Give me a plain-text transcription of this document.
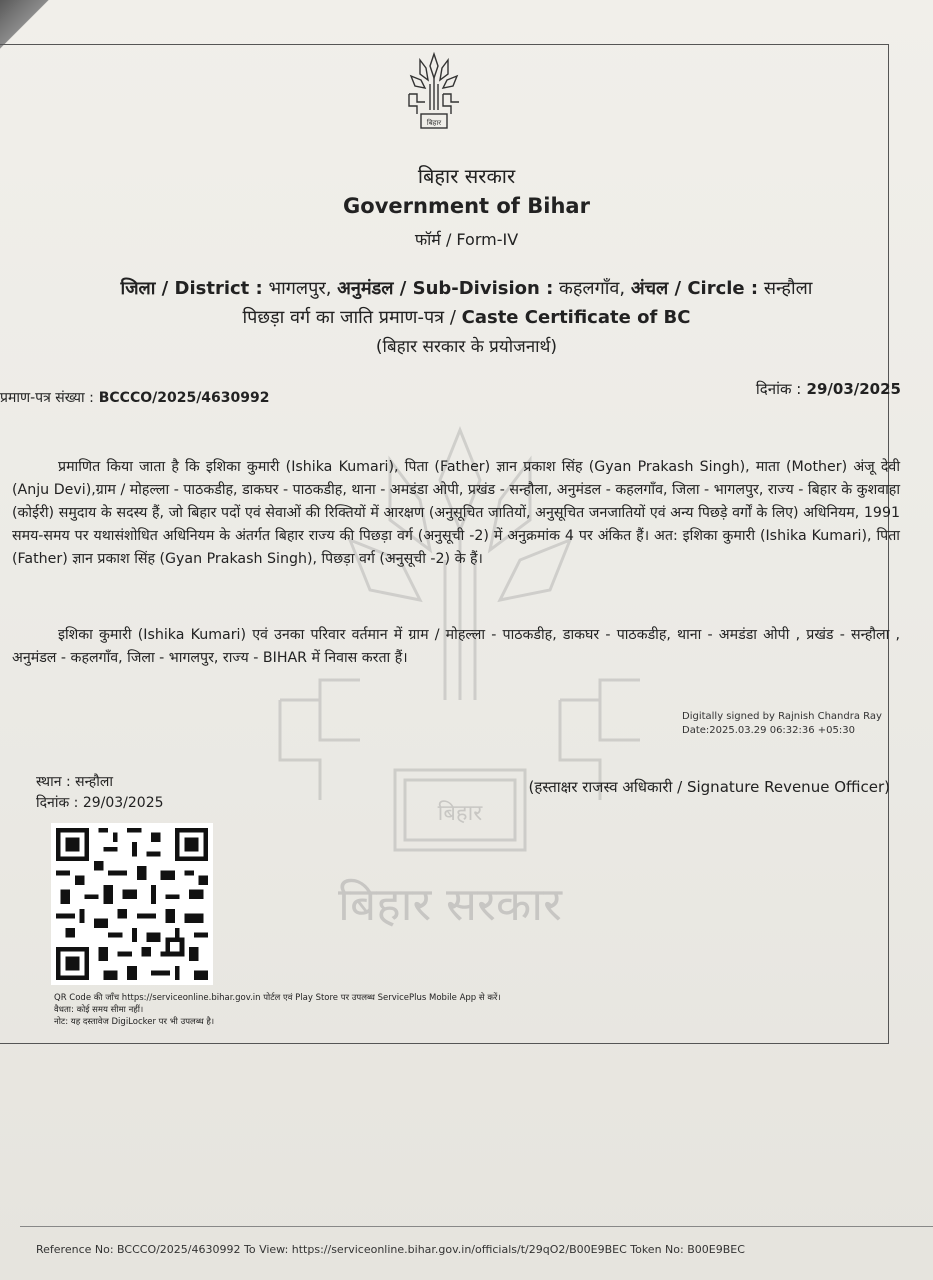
बिहार
बिहार सरकार
बिहार
बिहार सरकार
Government of Bihar
फॉर्म / Form-IV
जिला / District : भागलपुर, अनुमंडल / Sub-Division : कहलगाँव, अंचल / Circle : सन्हौला
पिछड़ा वर्ग का जाति प्रमाण-पत्र / Caste Certificate of BC
(बिहार सरकार के प्रयोजनार्थ)
प्रमाण-पत्र संख्या : BCCCO/2025/4630992	दिनांक : 29/03/2025
प्रमाणित किया जाता है कि इशिका कुमारी (Ishika Kumari), पिता (Father) ज्ञान प्रकाश सिंह (Gyan Prakash Singh), माता (Mother) अंजू देवी (Anju Devi),ग्राम / मोहल्ला - पाठकडीह, डाकघर - पाठकडीह, थाना - अमडंडा ओपी, प्रखंड - सन्हौला, अनुमंडल - कहलगाँव, जिला - भागलपुर, राज्य - बिहार के कुशवाहा (कोईरी) समुदाय के सदस्य हैं, जो बिहार पदों एवं सेवाओं की रिक्तियों में आरक्षण (अनुसूचित जातियों, अनुसूचित जनजातियों एवं अन्य पिछड़े वर्गों के लिए) अधिनियम, 1991 समय-समय पर यथासंशोधित अधिनियम के अंतर्गत बिहार राज्य की पिछड़ा वर्ग (अनुसूची -2) में अनुक्रमांक 4 पर अंकित हैं। अत: इशिका कुमारी (Ishika Kumari), पिता (Father) ज्ञान प्रकाश सिंह (Gyan Prakash Singh), पिछड़ा वर्ग (अनुसूची -2) के हैं।
इशिका कुमारी (Ishika Kumari) एवं उनका परिवार वर्तमान में ग्राम / मोहल्ला - पाठकडीह, डाकघर - पाठकडीह, थाना - अमडंडा ओपी , प्रखंड - सन्हौला , अनुमंडल - कहलगाँव, जिला - भागलपुर, राज्य - BIHAR में निवास करता हैं।
Digitally signed by Rajnish Chandra Ray
Date:2025.03.29 06:32:36 +05:30
स्थान : सन्हौला
दिनांक : 29/03/2025
(हस्ताक्षर राजस्व अधिकारी / Signature Revenue Officer)
QR Code की जाँच https://serviceonline.bihar.gov.in पोर्टल एवं Play Store पर उपलब्ध ServicePlus Mobile App से करें।
वैधता: कोई समय सीमा नहीं।
नोट: यह दस्तावेज DigiLocker पर भी उपलब्ध है।
Reference No: BCCCO/2025/4630992 To View: https://serviceonline.bihar.gov.in/officials/t/29qO2/B00E9BEC Token No: B00E9BEC
